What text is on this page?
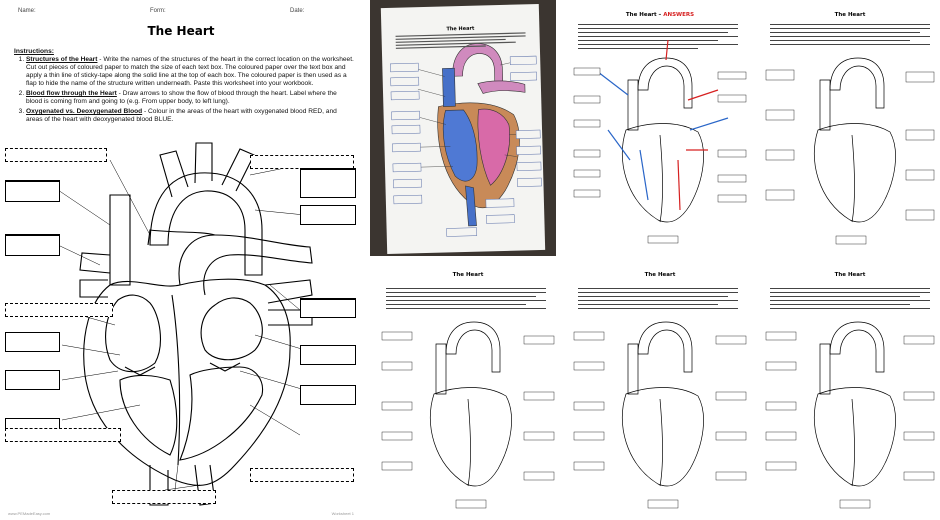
Name:	Form:	Date:
The Heart
Instructions:
1. Structures of the Heart - Write the names of the structures of the heart in the correct location on the worksheet. Cut out pieces of coloured paper to match the size of each text box. The coloured paper over the text box and apply a thin line of sticky-tape along the solid line at the top of each box. The coloured paper is then used as a flap to hide the name of the structure written underneath. Paste this worksheet into your workbook.
2. Blood flow through the Heart - Draw arrows to show the flow of blood through the heart. Label where the blood is coming from and going to (e.g. From upper body, to left lung).
3. Oxygenated vs. Deoxygenated Blood - Colour in the areas of the heart with oxygenated blood RED, and areas of the heart with deoxygenated blood BLUE.
www.PEMadeEasy.com	Worksheet 1
The Heart
The Heart – ANSWERS	The Heart
The Heart	The Heart	The Heart
